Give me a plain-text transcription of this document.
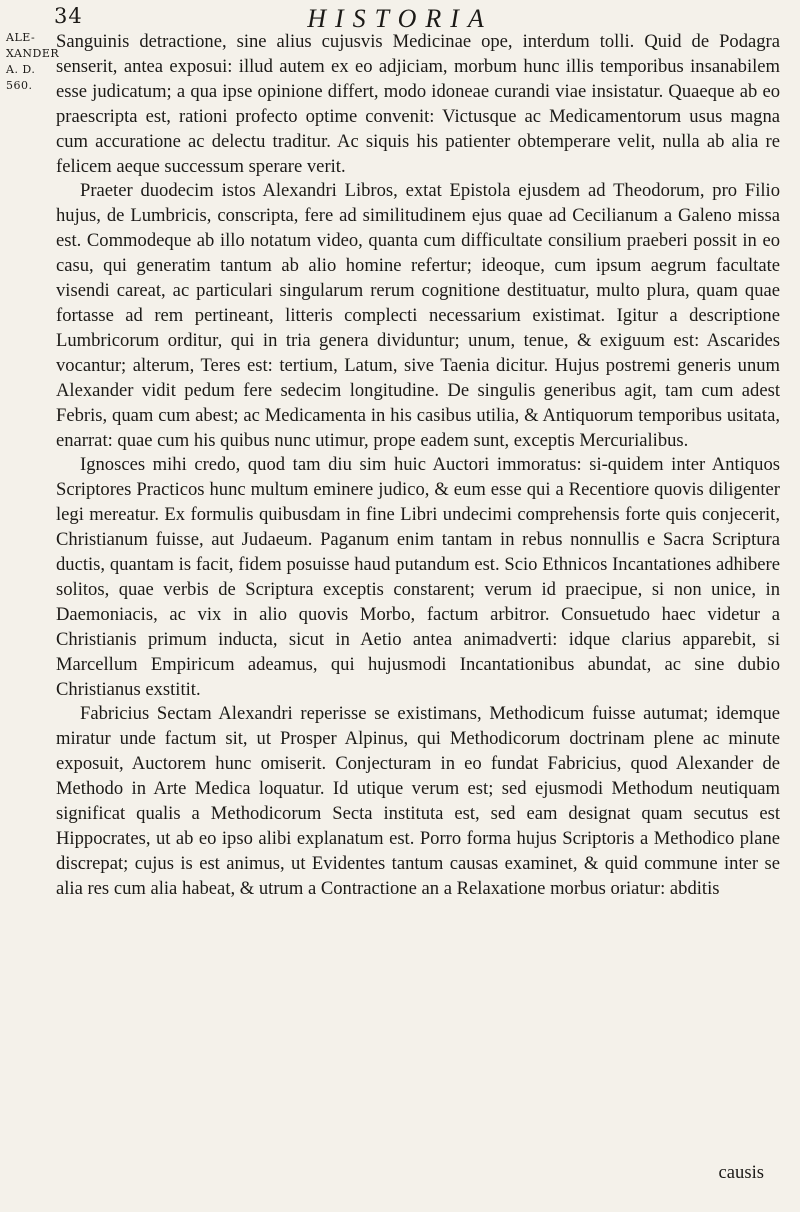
34	HISTORIA
ALE-
XANDER
A. D.
560.

Sanguinis detractione, sine alius cujusvis Medicinae ope, interdum tolli. Quid de Podagra senserit, antea exposui: illud autem ex eo adjiciam, morbum hunc illis temporibus insanabilem esse judicatum; a qua ipse opinione differt, modo idoneae curandi viae insistatur. Quaeque ab eo praescripta est, rationi profecto optime convenit: Victusque ac Medicamentorum usus magna cum accuratione ac delectu traditur. Ac siquis his patienter obtemperare velit, nulla ab alia re felicem aeque successum sperare verit.

Praeter duodecim istos Alexandri Libros, extat Epistola ejusdem ad Theodorum, pro Filio hujus, de Lumbricis, conscripta, fere ad similitudinem ejus quae ad Cecilianum a Galeno missa est. Commodeque ab illo notatum video, quanta cum difficultate consilium praeberi possit in eo casu, qui generatim tantum ab alio homine refertur; ideoque, cum ipsum aegrum facultate visendi careat, ac particulari singularum rerum cognitione destituatur, multo plura, quam quae fortasse ad rem pertineant, litteris complecti necessarium existimat. Igitur a descriptione Lumbricorum orditur, qui in tria genera dividuntur; unum, tenue, & exiguum est: Ascarides vocantur; alterum, Teres est: tertium, Latum, sive Taenia dicitur. Hujus postremi generis unum Alexander vidit pedum fere sedecim longitudine. De singulis generibus agit, tam cum adest Febris, quam cum abest; ac Medicamenta in his casibus utilia, & Antiquorum temporibus usitata, enarrat: quae cum his quibus nunc utimur, prope eadem sunt, exceptis Mercurialibus.

Ignosces mihi credo, quod tam diu sim huic Auctori immoratus: si-quidem inter Antiquos Scriptores Practicos hunc multum eminere judico, & eum esse qui a Recentiore quovis diligenter legi mereatur. Ex formulis quibusdam in fine Libri undecimi comprehensis forte quis conjecerit, Christianum fuisse, aut Judaeum. Paganum enim tantam in rebus nonnullis e Sacra Scriptura ductis, quantam is facit, fidem posuisse haud putandum est. Scio Ethnicos Incantationes adhibere solitos, quae verbis de Scriptura exceptis constarent; verum id praecipue, si non unice, in Daemoniacis, ac vix in alio quovis Morbo, factum arbitror. Consuetudo haec videtur a Christianis primum inducta, sicut in Aetio antea animadverti: idque clarius apparebit, si Marcellum Empiricum adeamus, qui hujusmodi Incantationibus abundat, ac sine dubio Christianus exstitit.

Fabricius Sectam Alexandri reperisse se existimans, Methodicum fuisse autumat; idemque miratur unde factum sit, ut Prosper Alpinus, qui Methodicorum doctrinam plene ac minute exposuit, Auctorem hunc omiserit. Conjecturam in eo fundat Fabricius, quod Alexander de Methodo in Arte Medica loquatur. Id utique verum est; sed ejusmodi Methodum neutiquam significat qualis a Methodicorum Secta instituta est, sed eam designat quam secutus est Hippocrates, ut ab eo ipso alibi explanatum est. Porro forma hujus Scriptoris a Methodico plane discrepat; cujus is est animus, ut Evidentes tantum causas examinet, & quid commune inter se alia res cum alia habeat, & utrum a Contractione an a Relaxatione morbus oriatur: abditis

causis
